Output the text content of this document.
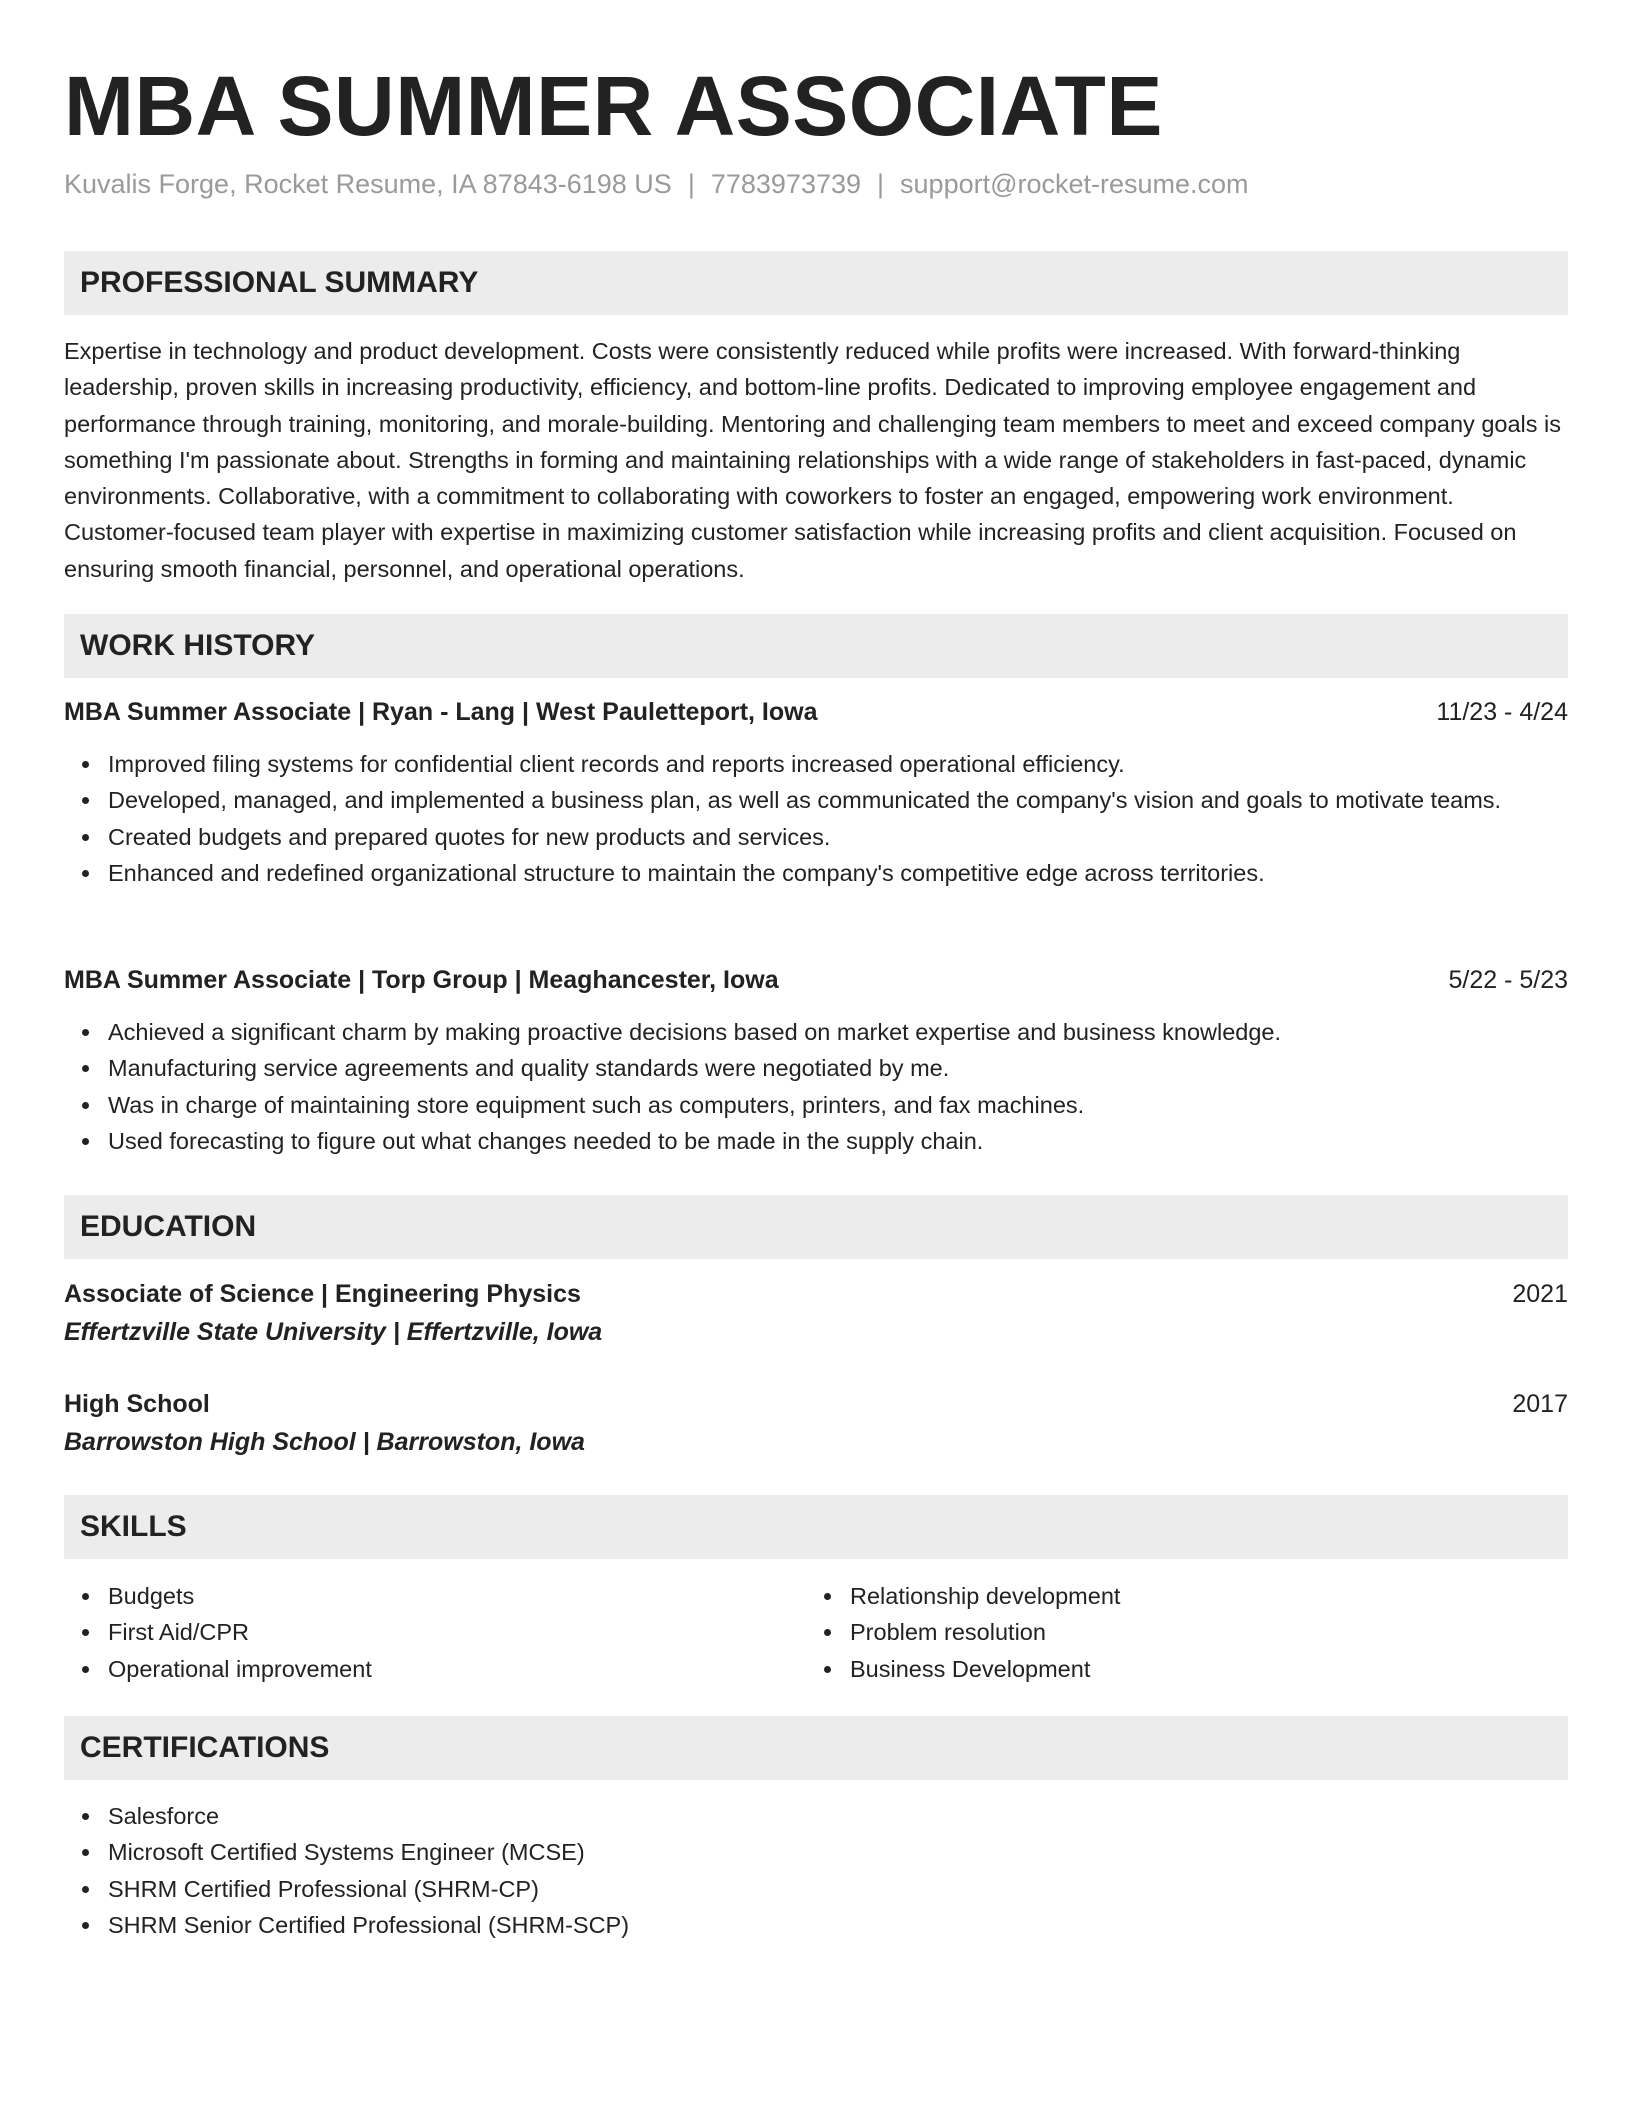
MBA SUMMER ASSOCIATE
Kuvalis Forge, Rocket Resume, IA 87843-6198 US | 7783973739 | support@rocket-resume.com
PROFESSIONAL SUMMARY

Expertise in technology and product development. Costs were consistently reduced while profits were increased. With forward-thinking leadership, proven skills in increasing productivity, efficiency, and bottom-line profits. Dedicated to improving employee engagement and performance through training, monitoring, and morale-building. Mentoring and challenging team members to meet and exceed company goals is something I'm passionate about. Strengths in forming and maintaining relationships with a wide range of stakeholders in fast-paced, dynamic environments. Collaborative, with a commitment to collaborating with coworkers to foster an engaged, empowering work environment. Customer-focused team player with expertise in maximizing customer satisfaction while increasing profits and client acquisition. Focused on ensuring smooth financial, personnel, and operational operations.

WORK HISTORY
MBA Summer Associate | Ryan - Lang | West Pauletteport, Iowa	11/23 - 4/24
Improved filing systems for confidential client records and reports increased operational efficiency.
Developed, managed, and implemented a business plan, as well as communicated the company's vision and goals to motivate teams.
Created budgets and prepared quotes for new products and services.
Enhanced and redefined organizational structure to maintain the company's competitive edge across territories.
MBA Summer Associate | Torp Group | Meaghancester, Iowa	5/22 - 5/23
Achieved a significant charm by making proactive decisions based on market expertise and business knowledge.
Manufacturing service agreements and quality standards were negotiated by me.
Was in charge of maintaining store equipment such as computers, printers, and fax machines.
Used forecasting to figure out what changes needed to be made in the supply chain.
EDUCATION
Associate of Science | Engineering Physics	2021
Effertzville State University | Effertzville, Iowa
High School	2017
Barrowston High School | Barrowston, Iowa
SKILLS
Budgets
First Aid/CPR
Operational improvement
Relationship development
Problem resolution
Business Development
CERTIFICATIONS
Salesforce
Microsoft Certified Systems Engineer (MCSE)
SHRM Certified Professional (SHRM-CP)
SHRM Senior Certified Professional (SHRM-SCP)
